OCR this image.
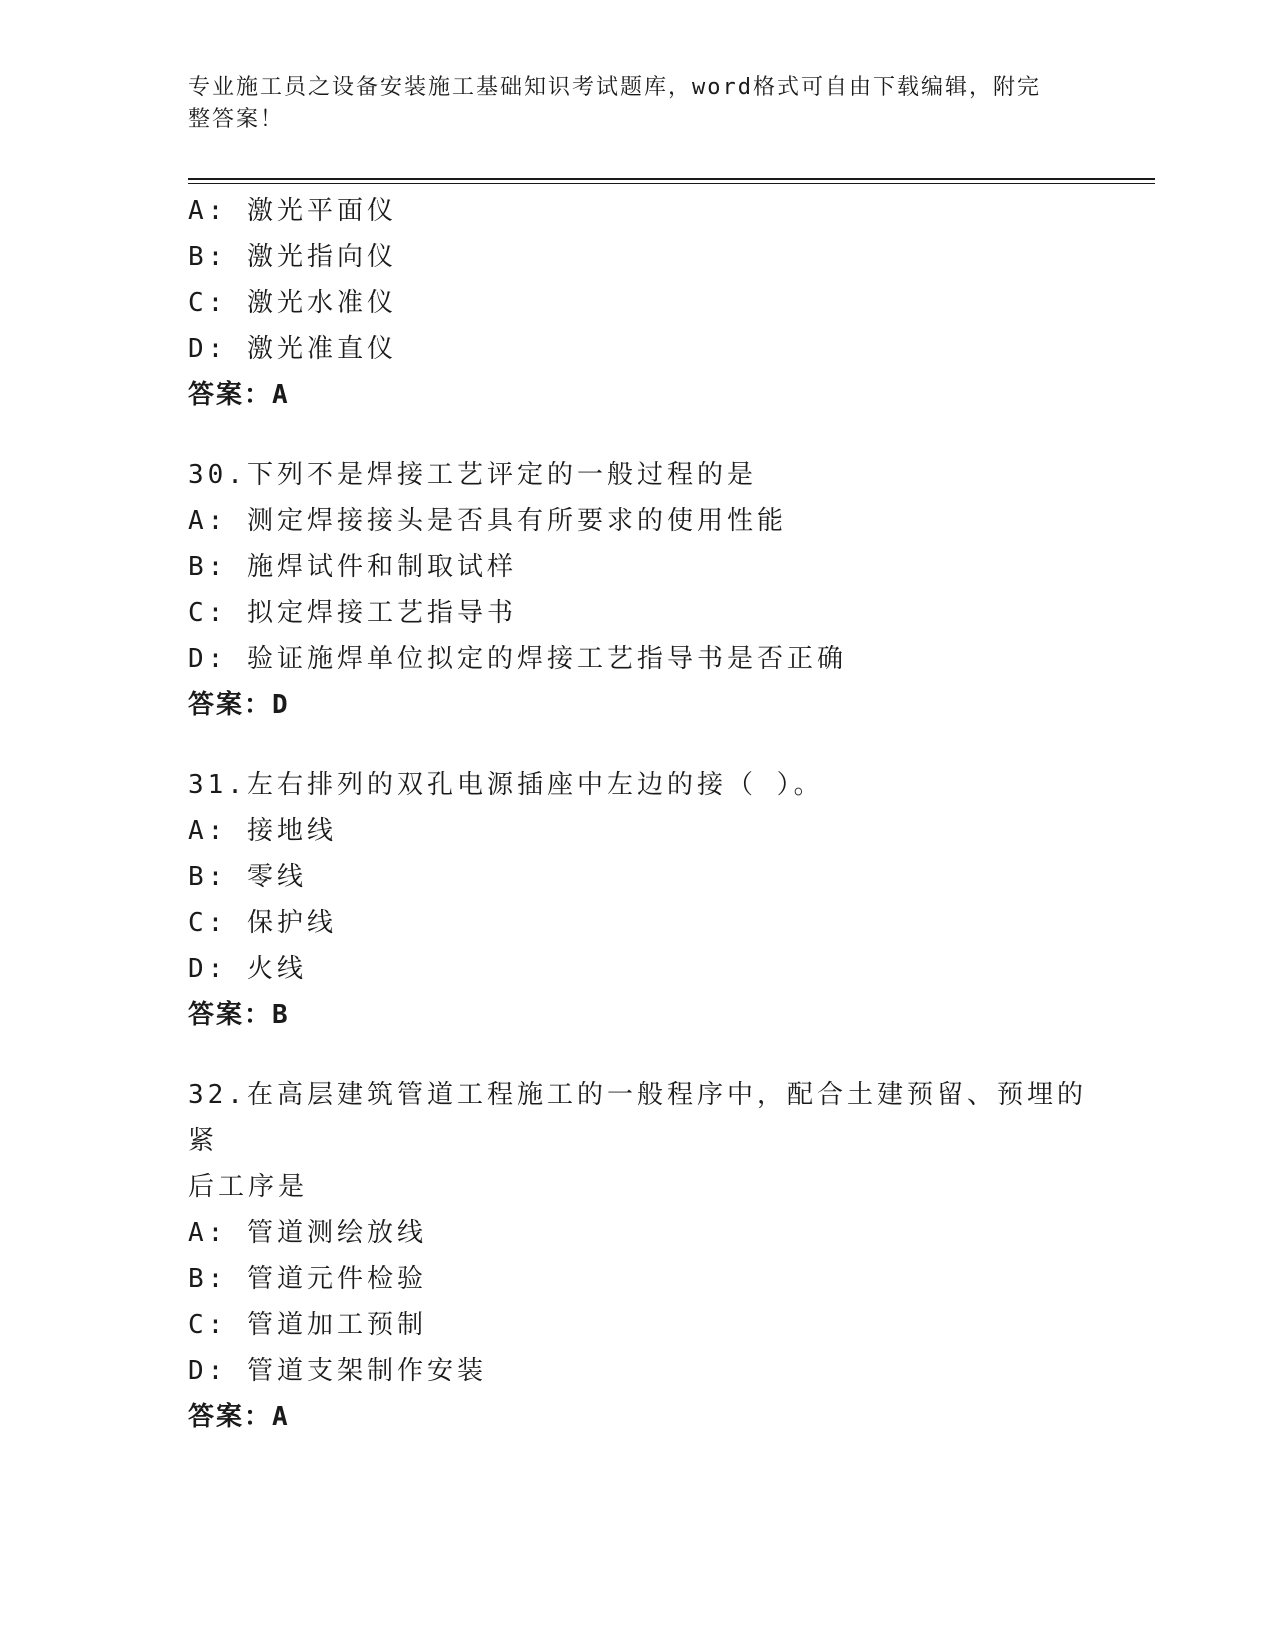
专业施工员之设备安装施工基础知识考试题库，word格式可自由下载编辑，附完
整答案！
A: 激光平面仪
B: 激光指向仪
C: 激光水准仪
D: 激光准直仪
答案：A
30.下列不是焊接工艺评定的一般过程的是
A: 测定焊接接头是否具有所要求的使用性能
B: 施焊试件和制取试样
C: 拟定焊接工艺指导书
D: 验证施焊单位拟定的焊接工艺指导书是否正确
答案：D
31.左右排列的双孔电源插座中左边的接（ ）。
A: 接地线
B: 零线
C: 保护线
D: 火线
答案：B
32.在高层建筑管道工程施工的一般程序中，配合土建预留、预埋的紧
后工序是
A: 管道测绘放线
B: 管道元件检验
C: 管道加工预制
D: 管道支架制作安装
答案：A
